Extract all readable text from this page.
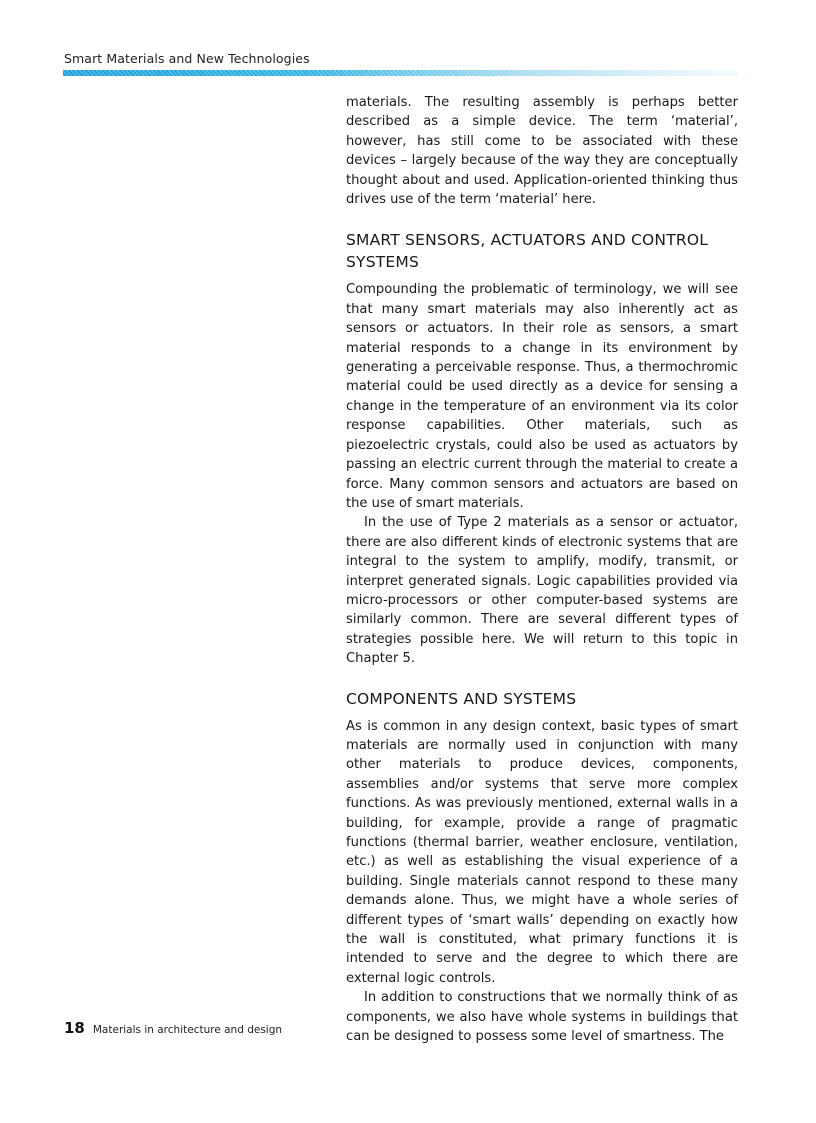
Smart Materials and New Technologies

materials. The resulting assembly is perhaps better described as a simple device. The term ‘material’, however, has still come to be associated with these devices – largely because of the way they are conceptually thought about and used. Application-oriented thinking thus drives use of the term ‘material’ here.

SMART SENSORS, ACTUATORS AND CONTROL SYSTEMS

Compounding the problematic of terminology, we will see that many smart materials may also inherently act as sensors or actuators. In their role as sensors, a smart material responds to a change in its environment by generating a perceivable response. Thus, a thermochromic material could be used directly as a device for sensing a change in the temperature of an environment via its color response capabilities. Other materials, such as piezoelectric crystals, could also be used as actuators by passing an electric current through the material to create a force. Many common sensors and actuators are based on the use of smart materials.

In the use of Type 2 materials as a sensor or actuator, there are also different kinds of electronic systems that are integral to the system to amplify, modify, transmit, or interpret generated signals. Logic capabilities provided via micro-processors or other computer-based systems are similarly common. There are several different types of strategies possible here. We will return to this topic in Chapter 5.

COMPONENTS AND SYSTEMS

As is common in any design context, basic types of smart materials are normally used in conjunction with many other materials to produce devices, components, assemblies and/or systems that serve more complex functions. As was previously mentioned, external walls in a building, for example, provide a range of pragmatic functions (thermal barrier, weather enclosure, ventilation, etc.) as well as establishing the visual experience of a building. Single materials cannot respond to these many demands alone. Thus, we might have a whole series of different types of ‘smart walls’ depending on exactly how the wall is constituted, what primary functions it is intended to serve and the degree to which there are external logic controls.

In addition to constructions that we normally think of as components, we also have whole systems in buildings that can be designed to possess some level of smartness. The

18 Materials in architecture and design
